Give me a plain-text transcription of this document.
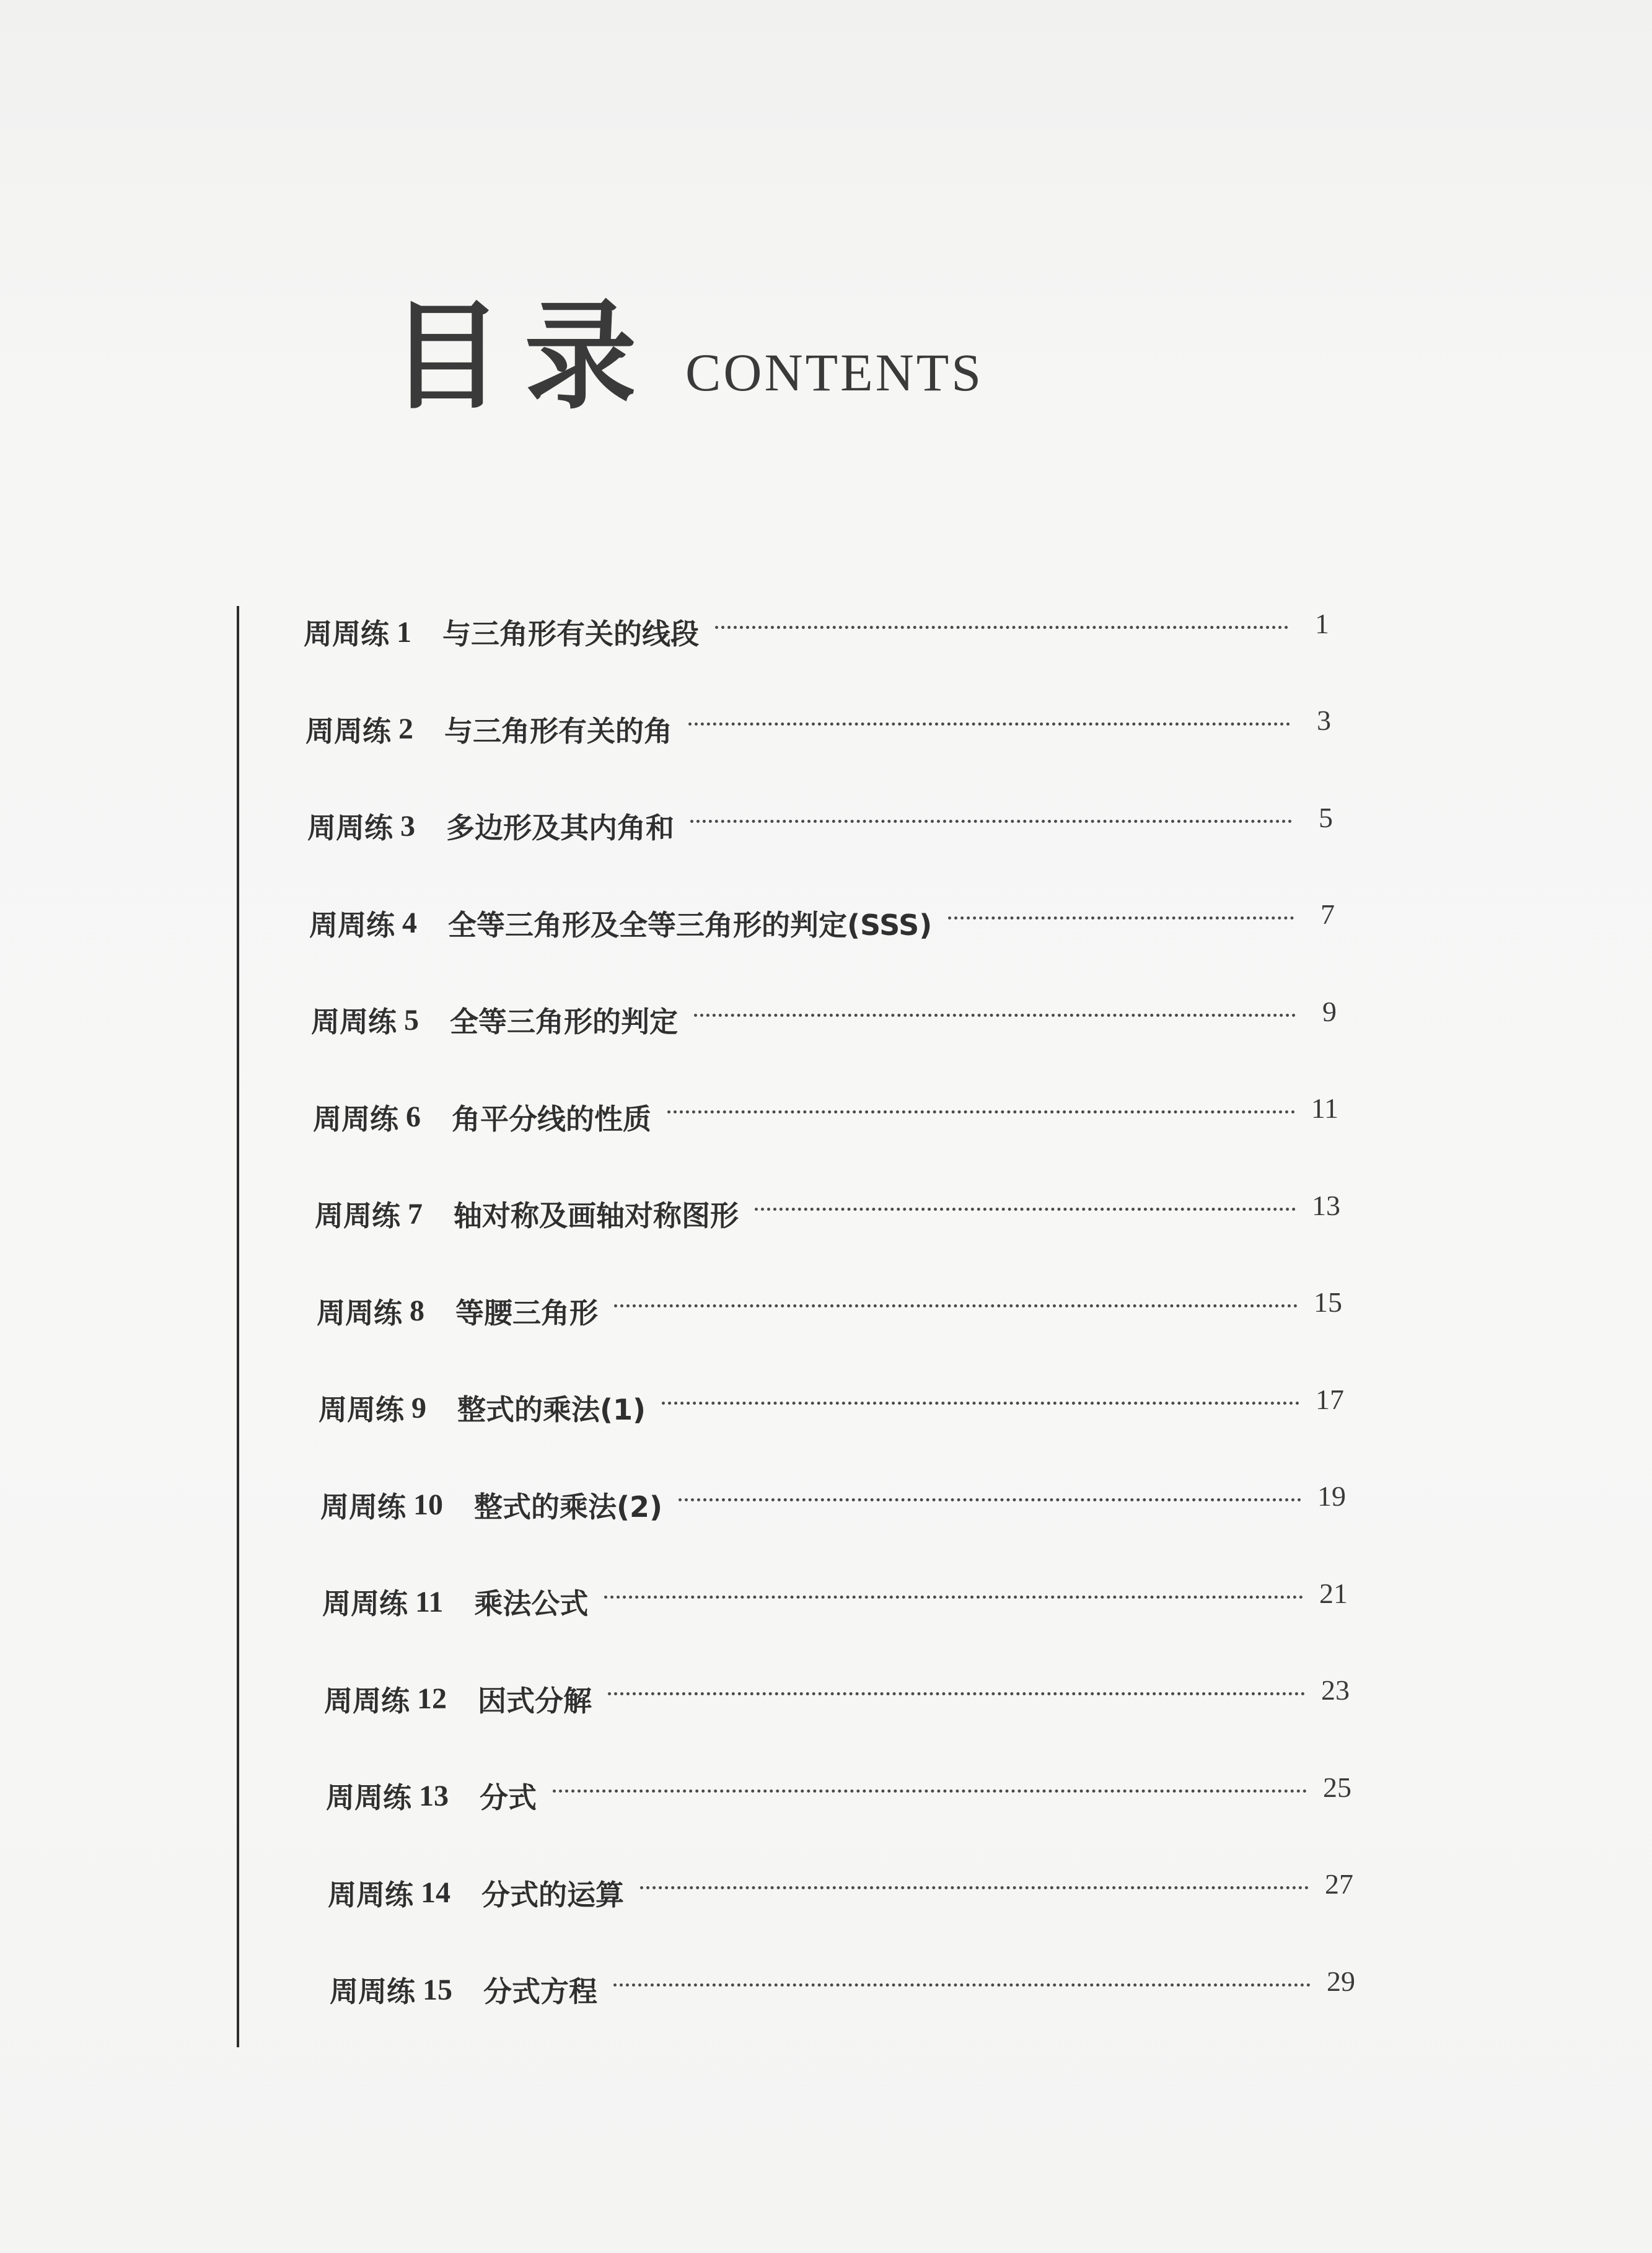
目录 CONTENTS
周周练 1 与三角形有关的线段	1
周周练 2 与三角形有关的角	3
周周练 3 多边形及其内角和	5
周周练 4 全等三角形及全等三角形的判定(SSS)	7
周周练 5 全等三角形的判定	9
周周练 6 角平分线的性质	11
周周练 7 轴对称及画轴对称图形	13
周周练 8 等腰三角形	15
周周练 9 整式的乘法(1)	17
周周练 10 整式的乘法(2)	19
周周练 11 乘法公式	21
周周练 12 因式分解	23
周周练 13 分式	25
周周练 14 分式的运算	27
周周练 15 分式方程	29
